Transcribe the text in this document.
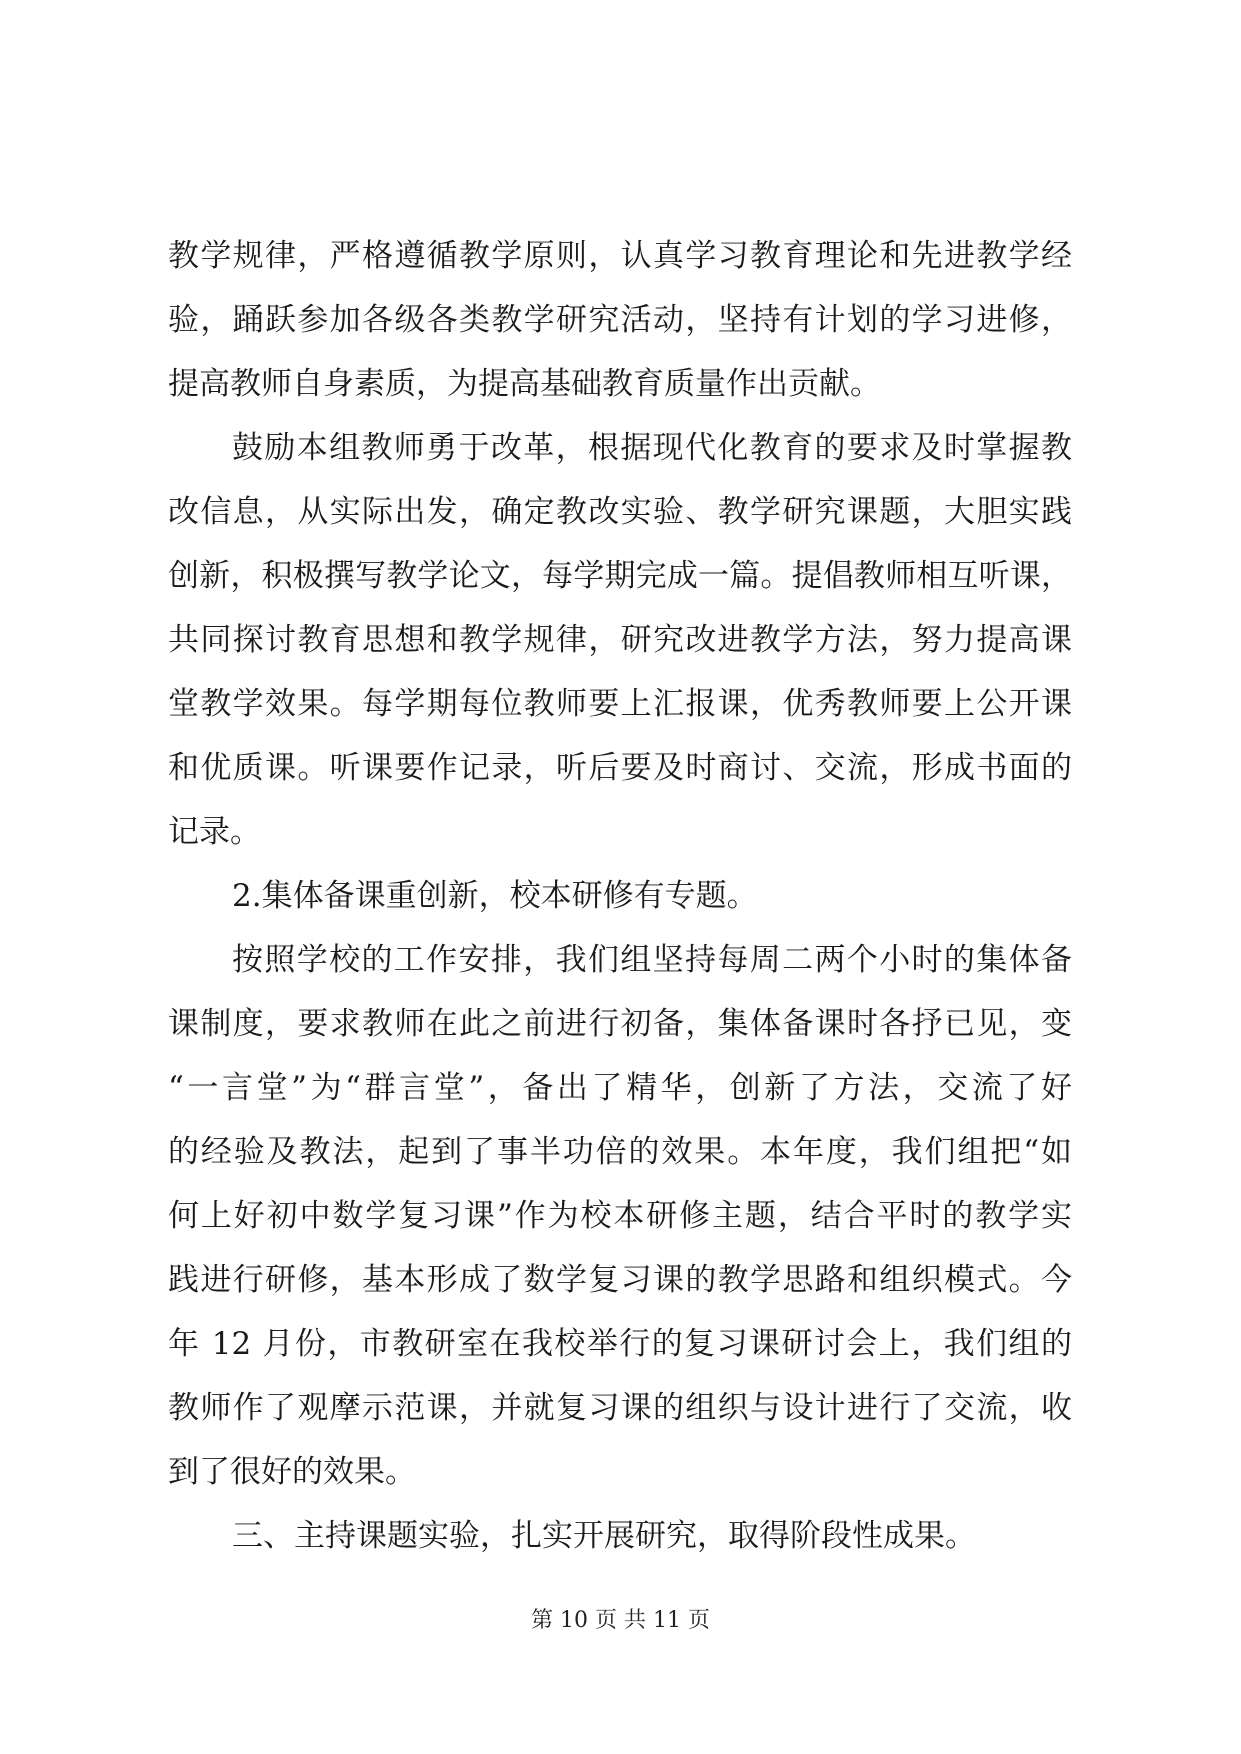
教学规律，严格遵循教学原则，认真学习教育理论和先进教学经
验，踊跃参加各级各类教学研究活动，坚持有计划的学习进修，
提高教师自身素质，为提高基础教育质量作出贡献。
鼓励本组教师勇于改革，根据现代化教育的要求及时掌握教
改信息，从实际出发，确定教改实验、教学研究课题，大胆实践
创新，积极撰写教学论文，每学期完成一篇。提倡教师相互听课，
共同探讨教育思想和教学规律，研究改进教学方法，努力提高课
堂教学效果。每学期每位教师要上汇报课，优秀教师要上公开课
和优质课。听课要作记录，听后要及时商讨、交流，形成书面的
记录。
2.集体备课重创新，校本研修有专题。
按照学校的工作安排，我们组坚持每周二两个小时的集体备
课制度，要求教师在此之前进行初备，集体备课时各抒已见，变
“一言堂”为“群言堂”，备出了精华，创新了方法，交流了好
的经验及教法，起到了事半功倍的效果。本年度，我们组把“如
何上好初中数学复习课”作为校本研修主题，结合平时的教学实
践进行研修，基本形成了数学复习课的教学思路和组织模式。今
年 12 月份，市教研室在我校举行的复习课研讨会上，我们组的
教师作了观摩示范课，并就复习课的组织与设计进行了交流，收
到了很好的效果。
三、主持课题实验，扎实开展研究，取得阶段性成果。
第 10 页 共 11 页
